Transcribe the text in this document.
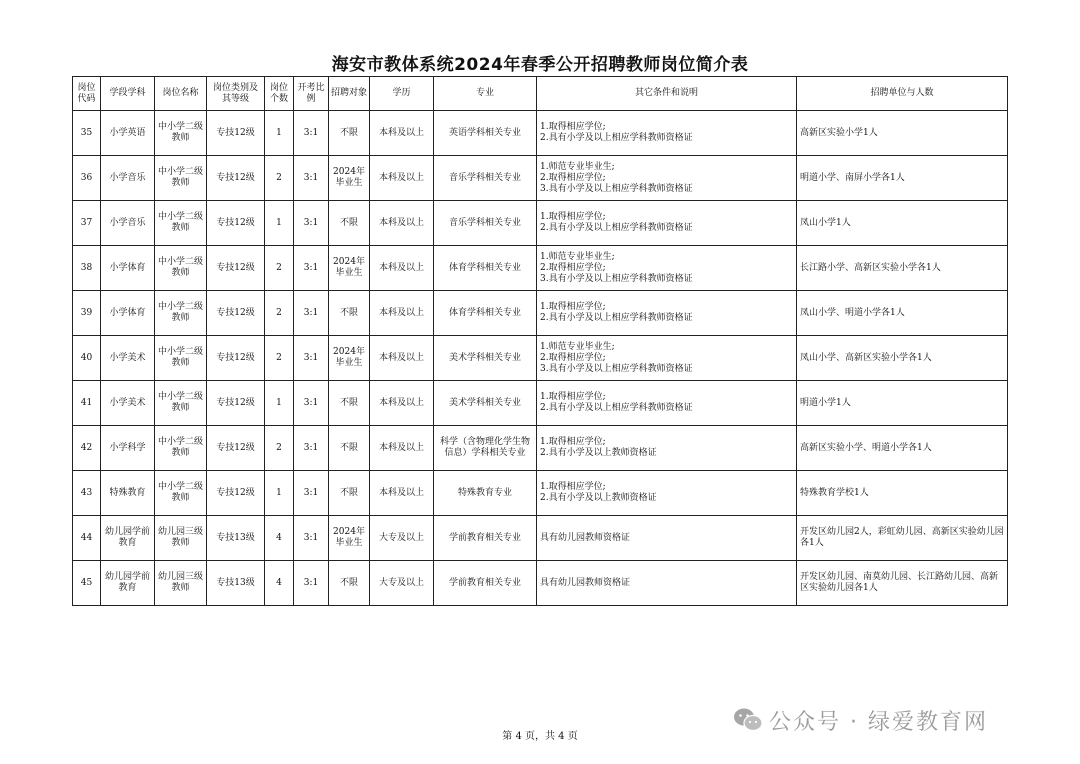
海安市教体系统2024年春季公开招聘教师岗位简介表
岗位代码	学段学科	岗位名称	岗位类别及其等级	岗位个数	开考比例	招聘对象	学历	专业	其它条件和说明	招聘单位与人数
35	小学英语	中小学二级教师	专技12级	1	3:1	不限	本科及以上	英语学科相关专业	1.取得相应学位;
2.具有小学及以上相应学科教师资格证	高新区实验小学1人
36	小学音乐	中小学二级教师	专技12级	2	3:1	2024年毕业生	本科及以上	音乐学科相关专业	1.师范专业毕业生;
2.取得相应学位;
3.具有小学及以上相应学科教师资格证	明道小学、南屏小学各1人
37	小学音乐	中小学二级教师	专技12级	1	3:1	不限	本科及以上	音乐学科相关专业	1.取得相应学位;
2.具有小学及以上相应学科教师资格证	凤山小学1人
38	小学体育	中小学二级教师	专技12级	2	3:1	2024年毕业生	本科及以上	体育学科相关专业	1.师范专业毕业生;
2.取得相应学位;
3.具有小学及以上相应学科教师资格证	长江路小学、高新区实验小学各1人
39	小学体育	中小学二级教师	专技12级	2	3:1	不限	本科及以上	体育学科相关专业	1.取得相应学位;
2.具有小学及以上相应学科教师资格证	凤山小学、明道小学各1人
40	小学美术	中小学二级教师	专技12级	2	3:1	2024年毕业生	本科及以上	美术学科相关专业	1.师范专业毕业生;
2.取得相应学位;
3.具有小学及以上相应学科教师资格证	凤山小学、高新区实验小学各1人
41	小学美术	中小学二级教师	专技12级	1	3:1	不限	本科及以上	美术学科相关专业	1.取得相应学位;
2.具有小学及以上相应学科教师资格证	明道小学1人
42	小学科学	中小学二级教师	专技12级	2	3:1	不限	本科及以上	科学（含物理化学生物信息）学科相关专业	1.取得相应学位;
2.具有小学及以上教师资格证	高新区实验小学、明道小学各1人
43	特殊教育	中小学二级教师	专技12级	1	3:1	不限	本科及以上	特殊教育专业	1.取得相应学位;
2.具有小学及以上教师资格证	特殊教育学校1人
44	幼儿园学前教育	幼儿园三级教师	专技13级	4	3:1	2024年毕业生	大专及以上	学前教育相关专业	具有幼儿园教师资格证	开发区幼儿园2人，彩虹幼儿园、高新区实验幼儿园各1人
45	幼儿园学前教育	幼儿园三级教师	专技13级	4	3:1	不限	大专及以上	学前教育相关专业	具有幼儿园教师资格证	开发区幼儿园、南莫幼儿园、长江路幼儿园、高新区实验幼儿园各1人
公众号 · 绿爱教育网
第 4 页，共 4 页
